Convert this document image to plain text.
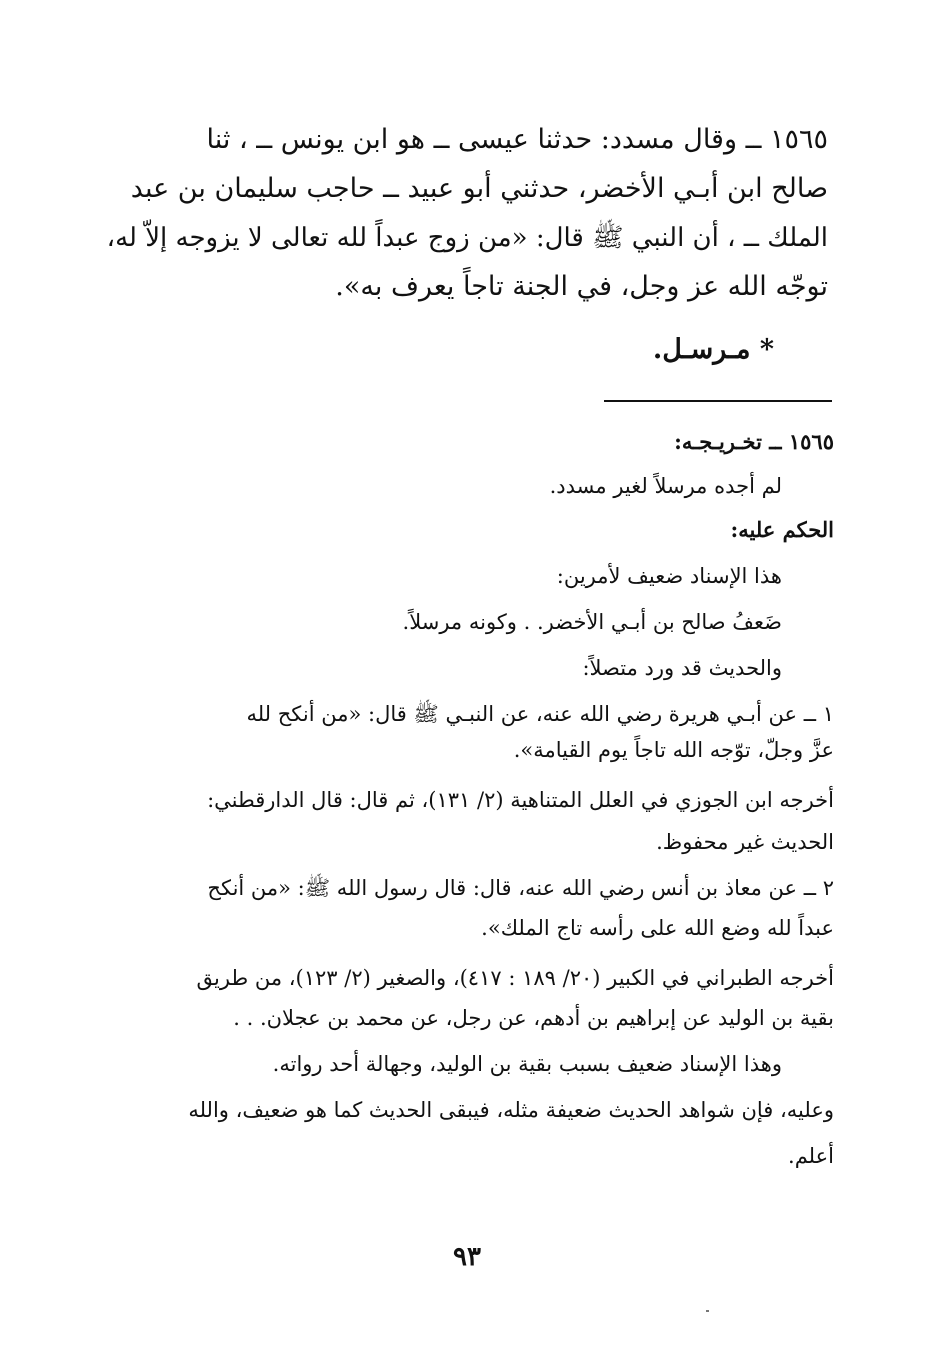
١٥٦٥ ــ وقال مسدد: حدثنا عيسى ــ هو ابن يونس ــ ، ثنا

صالح ابن أبـي الأخضر، حدثني أبو عبيد ــ حاجب سليمان بن عبد

الملك ــ ، أن النبي ﷺ قال: «من زوج عبداً لله تعالى لا يزوجه إلاّ له،

توجّه الله عز وجل، في الجنة تاجاً يعرف به».

* مـرسـل.

١٥٦٥ ــ تخـريـجـه:

لم أجده مرسلاً لغير مسدد.

الحكم عليه:

هذا الإسناد ضعيف لأمرين:

ضَعفُ صالح بن أبـي الأخضر. . وكونه مرسلاً.

والحديث قد ورد متصلاً:

١ ــ عن أبـي هريرة رضي الله عنه، عن النبـي ﷺ قال: «من أنكح لله

عزَّ وجلّ، توّجه الله تاجاً يوم القيامة».

أخرجه ابن الجوزي في العلل المتناهية (٢/ ١٣١)، ثم قال: قال الدارقطني:

الحديث غير محفوظ.

٢ ــ عن معاذ بن أنس رضي الله عنه، قال: قال رسول الله ﷺ: «من أنكح

عبداً لله وضع الله على رأسه تاج الملك».

أخرجه الطبراني في الكبير (٢٠/ ١٨٩ : ٤١٧)، والصغير (٢/ ١٢٣)، من طريق

بقية بن الوليد عن إبراهيم بن أدهم، عن رجل، عن محمد بن عجلان. . .

وهذا الإسناد ضعيف بسبب بقية بن الوليد، وجهالة أحد رواته.

وعليه، فإن شواهد الحديث ضعيفة مثله، فيبقى الحديث كما هو ضعيف، والله

أعلم.

٩٣
